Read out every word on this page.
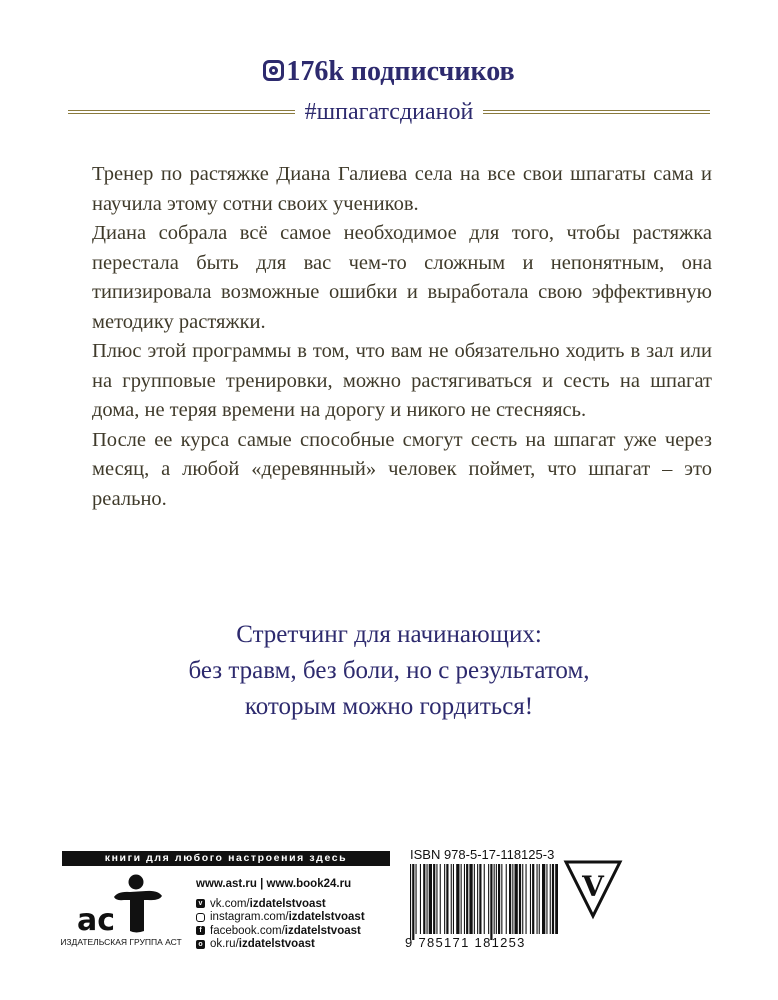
176k подписчиков
#шпагатсдианой

Тренер по растяжке Диана Галиева села на все свои шпагаты сама и научила этому сотни своих учеников.

Диана собрала всё самое необходимое для того, чтобы растяжка перестала быть для вас чем-то сложным и непонятным, она типизировала возможные ошибки и выработала свою эффективную методику растяжки.

Плюс этой программы в том, что вам не обязательно ходить в зал или на групповые тренировки, можно растягиваться и сесть на шпагат дома, не теряя времени на дорогу и никого не стесняясь.

После ее курса самые способные смогут сесть на шпагат уже через месяц, а любой «деревянный» человек поймет, что шпагат – это реально.

Стретчинг для начинающих:
без травм, без боли, но с результатом,
которым можно гордиться!
книги для любого настроения здесь
ac
ИЗДАТЕЛЬСКАЯ ГРУППА АСТ
www.ast.ru | www.book24.ru
v vk.com/ izdatelstvoast
instagram.com/ izdatelstvoast
f facebook.com/ izdatelstvoast
o ok.ru/ izdatelstvoast
ISBN 978-5-17-118125-3
9 785171 181253
V
